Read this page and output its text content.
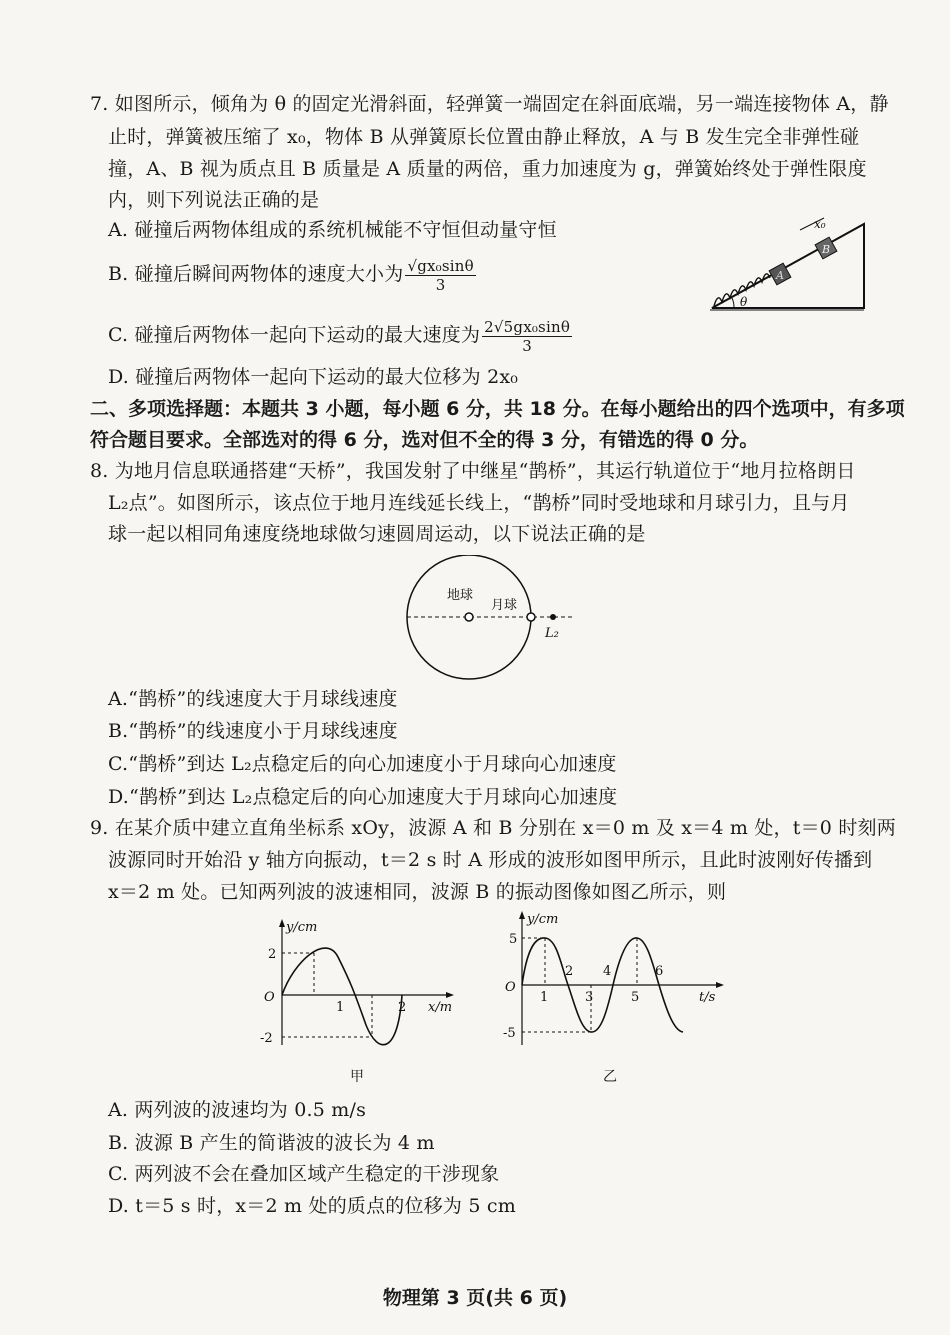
7. 如图所示，倾角为 θ 的固定光滑斜面，轻弹簧一端固定在斜面底端，另一端连接物体 A，静
止时，弹簧被压缩了 x₀，物体 B 从弹簧原长位置由静止释放，A 与 B 发生完全非弹性碰
撞，A、B 视为质点且 B 质量是 A 质量的两倍，重力加速度为 g，弹簧始终处于弹性限度
内，则下列说法正确的是
A. 碰撞后两物体组成的系统机械能不守恒但动量守恒
B. 碰撞后瞬间两物体的速度大小为 $\frac{\text{√gx₀sinθ}}{3}$
C. 碰撞后两物体一起向下运动的最大速度为 $\frac{\text{2√5gx₀sinθ}}{3}$
D. 碰撞后两物体一起向下运动的最大位移为 2x₀
A
B
x₀
θ
二、多项选择题：本题共 3 小题，每小题 6 分，共 18 分。在每小题给出的四个选项中，有多项
符合题目要求。全部选对的得 6 分，选对但不全的得 3 分，有错选的得 0 分。
8. 为地月信息联通搭建“天桥”，我国发射了中继星“鹊桥”，其运行轨道位于“地月拉格朗日
L₂点”。如图所示，该点位于地月连线延长线上，“鹊桥”同时受地球和月球引力，且与月
球一起以相同角速度绕地球做匀速圆周运动，以下说法正确的是
地球
月球
L₂
A.“鹊桥”的线速度大于月球线速度
B.“鹊桥”的线速度小于月球线速度
C.“鹊桥”到达 L₂点稳定后的向心加速度小于月球向心加速度
D.“鹊桥”到达 L₂点稳定后的向心加速度大于月球向心加速度
9. 在某介质中建立直角坐标系 xOy，波源 A 和 B 分别在 x＝0 m 及 x＝4 m 处，t＝0 时刻两
波源同时开始沿 y 轴方向振动，t＝2 s 时 A 形成的波形如图甲所示，且此时波刚好传播到
x＝2 m 处。已知两列波的波速相同，波源 B 的振动图像如图乙所示，则
y/cm
x/m
O
2
-2
1	2
甲
y/cm
t/s
O
5
-5
1
2
3
4
5
6
乙
A. 两列波的波速均为 0.5 m/s
B. 波源 B 产生的简谐波的波长为 4 m
C. 两列波不会在叠加区域产生稳定的干涉现象
D. t＝5 s 时，x＝2 m 处的质点的位移为 5 cm
物理第 3 页(共 6 页)
